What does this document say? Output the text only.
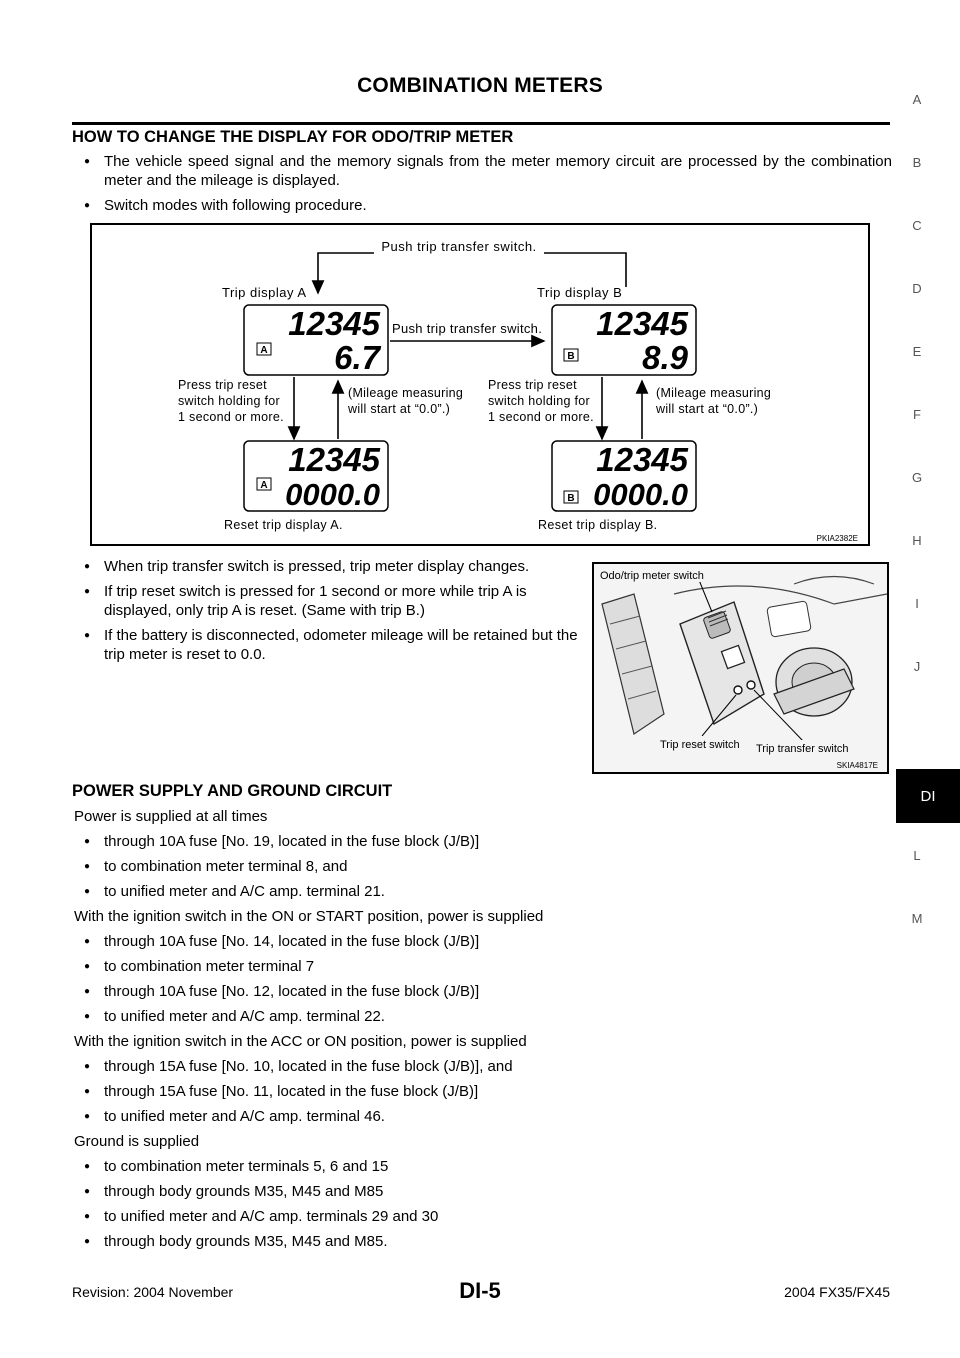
COMBINATION METERS
A
B
C
D
E
F
G
H
I
J
DI
L
M
HOW TO CHANGE THE DISPLAY FOR ODO/TRIP METER
● The vehicle speed signal and the memory signals from the meter memory circuit are processed by the combination meter and the mileage is displayed.
● Switch modes with following procedure.
Push trip transfer switch.
Trip display A	Trip display B
Push trip transfer switch.
12345
6.7
A
12345
8.9
B
Press trip reset switch holding for 1 second or more.
(Mileage measuring will start at “0.0”.)
Press trip reset switch holding for 1 second or more.
(Mileage measuring will start at “0.0”.)
12345
0000.0
A
12345
0000.0
B
Reset trip display A.	Reset trip display B.
PKIA2382E
● When trip transfer switch is pressed, trip meter display changes.
● If trip reset switch is pressed for 1 second or more while trip A is displayed, only trip A is reset. (Same with trip B.)
● If the battery is disconnected, odometer mileage will be retained but the trip meter is reset to 0.0.
Odo/trip meter switch
Trip reset switch Trip transfer switch
SKIA4817E
POWER SUPPLY AND GROUND CIRCUIT
Power is supplied at all times
● through 10A fuse [No. 19, located in the fuse block (J/B)]
● to combination meter terminal 8, and
● to unified meter and A/C amp. terminal 21.
With the ignition switch in the ON or START position, power is supplied
● through 10A fuse [No. 14, located in the fuse block (J/B)]
● to combination meter terminal 7
● through 10A fuse [No. 12, located in the fuse block (J/B)]
● to unified meter and A/C amp. terminal 22.
With the ignition switch in the ACC or ON position, power is supplied
● through 15A fuse [No. 10, located in the fuse block (J/B)], and
● through 15A fuse [No. 11, located in the fuse block (J/B)]
● to unified meter and A/C amp. terminal 46.
Ground is supplied
● to combination meter terminals 5, 6 and 15
● through body grounds M35, M45 and M85
● to unified meter and A/C amp. terminals 29 and 30
● through body grounds M35, M45 and M85.
Revision: 2004 November	DI-5	2004 FX35/FX45
